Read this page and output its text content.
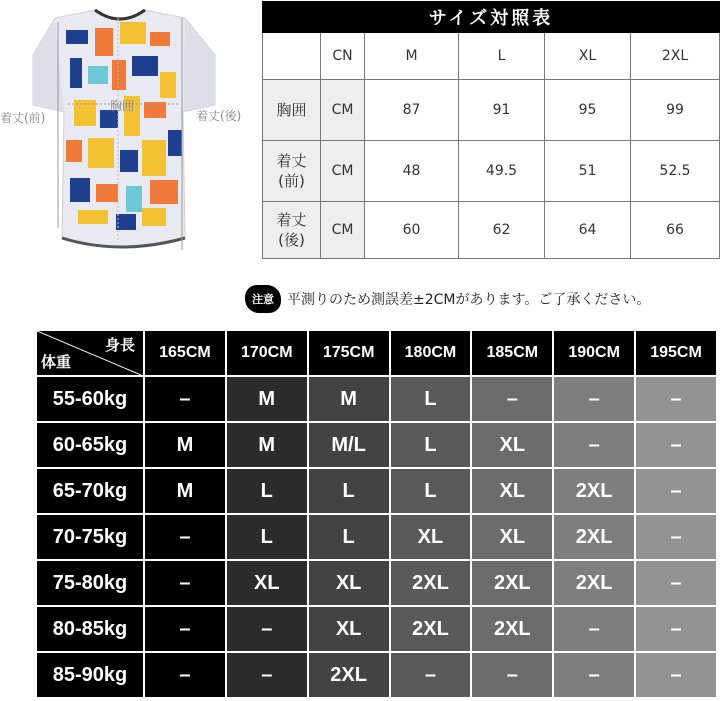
着丈(前)
胸囲
着丈(後)
サイズ対照表					
	CN	M	L	XL	2XL
胸囲	CM	87	91	95	99
着丈
(前)	CM	48	49.5	51	52.5
着丈
(後)	CM	60	62	64	66
注意 平測りのため測誤差±2CMがあります。ご了承ください。
身長
体重	165CM	170CM	175CM	180CM	185CM	190CM	195CM
55-60kg	–	M	M	L	–	–	–
60-65kg	M	M	M/L	L	XL	–	–
65-70kg	M	L	L	L	XL	2XL	–
70-75kg	–	L	L	XL	XL	2XL	–
75-80kg	–	XL	XL	2XL	2XL	2XL	–
80-85kg	–	–	XL	2XL	2XL	–	–
85-90kg	–	–	2XL	–	–	–	–
